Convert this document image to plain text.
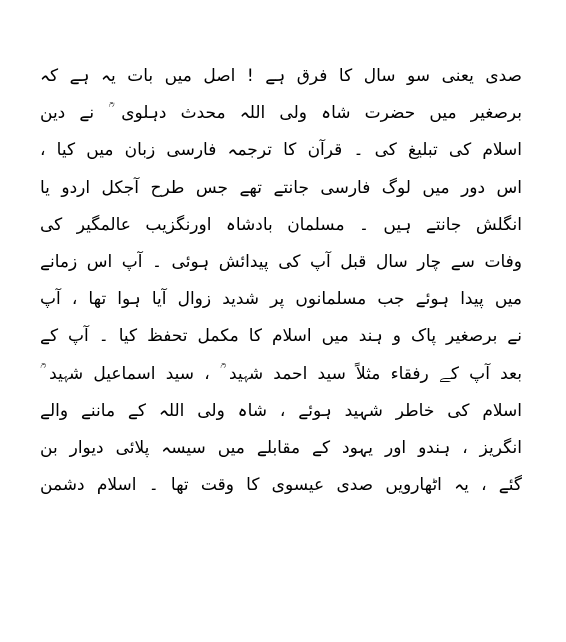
صدی یعنی سو سال کا فرق ہے ! اصل میں بات یہ ہے کہ
برصغیر میں حضرت شاہ ولی اللہ محدث دہلوی ؒ نے دین
اسلام کی تبلیغ کی ۔ قرآن کا ترجمہ فارسی زبان میں کیا ،
اس دور میں لوگ فارسی جانتے تھے جس طرح آجکل اردو یا
انگلش جانتے ہیں ۔ مسلمان بادشاہ اورنگزیب عالمگیر کی
وفات سے چار سال قبل آپ کی پیدائش ہوئی ۔ آپ اس زمانے
میں پیدا ہوئے جب مسلمانوں پر شدید زوال آیا ہوا تھا ، آپ
نے برصغیر پاک و ہند میں اسلام کا مکمل تحفظ کیا ۔ آپ کے
بعد آپ کے رفقاء مثلاً سید احمد شہید ؒ ، سید اسماعیل شہید ؒ
اسلام کی خاطر شہید ہوئے ، شاہ ولی اللہ کے ماننے والے
انگریز ، ہندو اور یہود کے مقابلے میں سیسہ پلائی دیوار بن
گئے ، یہ اٹھارویں صدی عیسوی کا وقت تھا ۔ اسلام دشمن
